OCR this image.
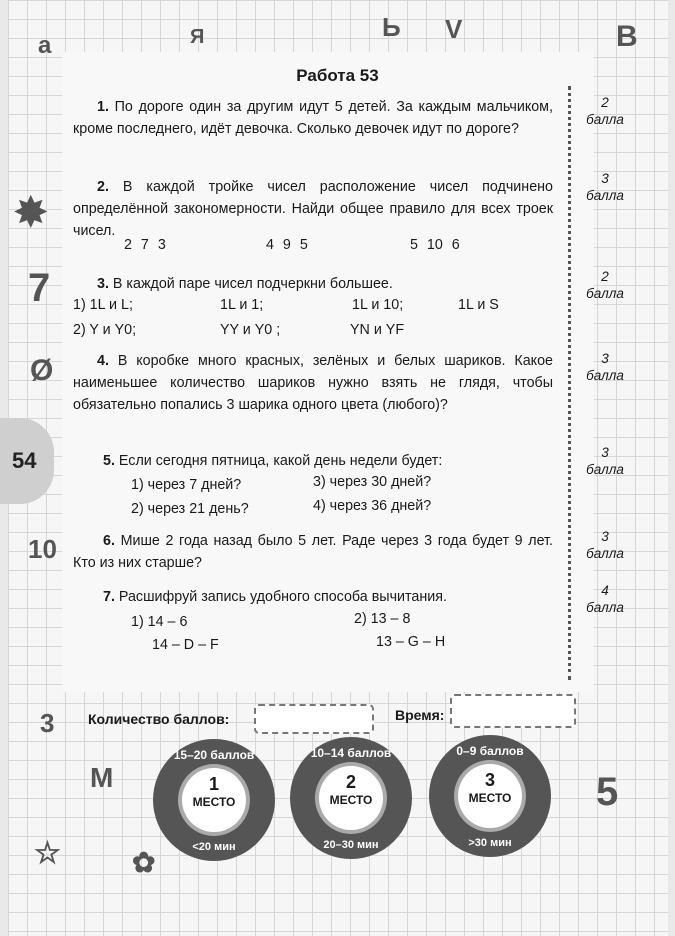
a	Я	Ь V	В
7
Ø
10
3
M	5
✸
✿
☆
54
Работа 53
1. По дороге один за другим идут 5 детей. За каждым мальчиком, кроме последнего, идёт девочка. Сколько девочек идут по дороге?
2
балла
2. В каждой тройке чисел расположение чисел подчинено определённой закономерности. Найди общее правило для всех троек чисел.
3
балла
2 7 3	4 9 5	5 10 6
3. В каждой паре чисел подчеркни большее.	2
балла
1) 1L и L;	1L и 1;	1L и 10;	1L и S
2) Y и Y0;	YY и Y0 ;	YN и YF
4. В коробке много красных, зелёных и белых шариков. Какое наименьшее количество шариков нужно взять не глядя, чтобы обязательно попались 3 шарика одного цвета (любого)?
3
балла
5. Если сегодня пятница, какой день недели будет:
3
балла
1) через 7 дней?	3) через 30 дней?
2) через 21 день?	4) через 36 дней?
6. Мише 2 года назад было 5 лет. Раде через 3 года будет 9 лет. Кто из них старше?
3
балла
7. Расшифруй запись удобного способа вычитания.	4
балла
1) 14 – 6
14 – D – F
2) 13 – 8
13 – G – H
Количество баллов:	Время:
15–20 баллов
1
МЕСТО
<20 мин
10–14 баллов
2
МЕСТО
20–30 мин
0–9 баллов
3
МЕСТО
>30 мин
